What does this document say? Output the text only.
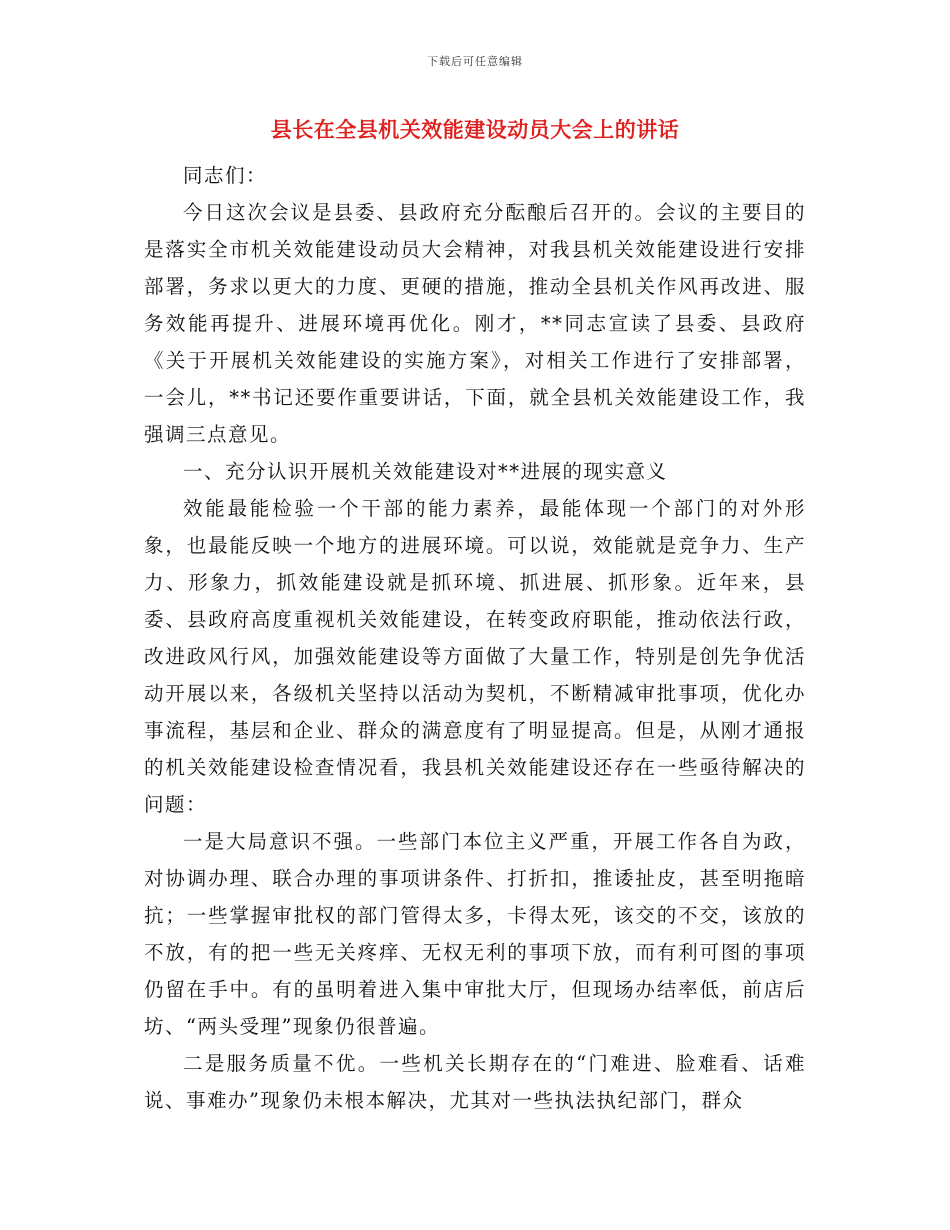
下载后可任意编辑
县长在全县机关效能建设动员大会上的讲话

同志们：

今日这次会议是县委、县政府充分酝酿后召开的。会议的主要目的是落实全市机关效能建设动员大会精神，对我县机关效能建设进行安排部署，务求以更大的力度、更硬的措施，推动全县机关作风再改进、服务效能再提升、进展环境再优化。刚才，**同志宣读了县委、县政府《关于开展机关效能建设的实施方案》，对相关工作进行了安排部署，一会儿，**书记还要作重要讲话，下面，就全县机关效能建设工作，我强调三点意见。

一、充分认识开展机关效能建设对**进展的现实意义

效能最能检验一个干部的能力素养，最能体现一个部门的对外形象，也最能反映一个地方的进展环境。可以说，效能就是竞争力、生产力、形象力，抓效能建设就是抓环境、抓进展、抓形象。近年来，县委、县政府高度重视机关效能建设，在转变政府职能，推动依法行政，改进政风行风，加强效能建设等方面做了大量工作，特别是创先争优活动开展以来，各级机关坚持以活动为契机，不断精减审批事项，优化办事流程，基层和企业、群众的满意度有了明显提高。但是，从刚才通报的机关效能建设检查情况看，我县机关效能建设还存在一些亟待解决的问题：

一是大局意识不强。一些部门本位主义严重，开展工作各自为政，对协调办理、联合办理的事项讲条件、打折扣，推诿扯皮，甚至明拖暗抗；一些掌握审批权的部门管得太多，卡得太死，该交的不交，该放的不放，有的把一些无关疼痒、无权无利的事项下放，而有利可图的事项仍留在手中。有的虽明着进入集中审批大厅，但现场办结率低，前店后坊、“两头受理”现象仍很普遍。

二是服务质量不优。一些机关长期存在的“门难进、脸难看、话难说、事难办”现象仍未根本解决，尤其对一些执法执纪部门，群众
